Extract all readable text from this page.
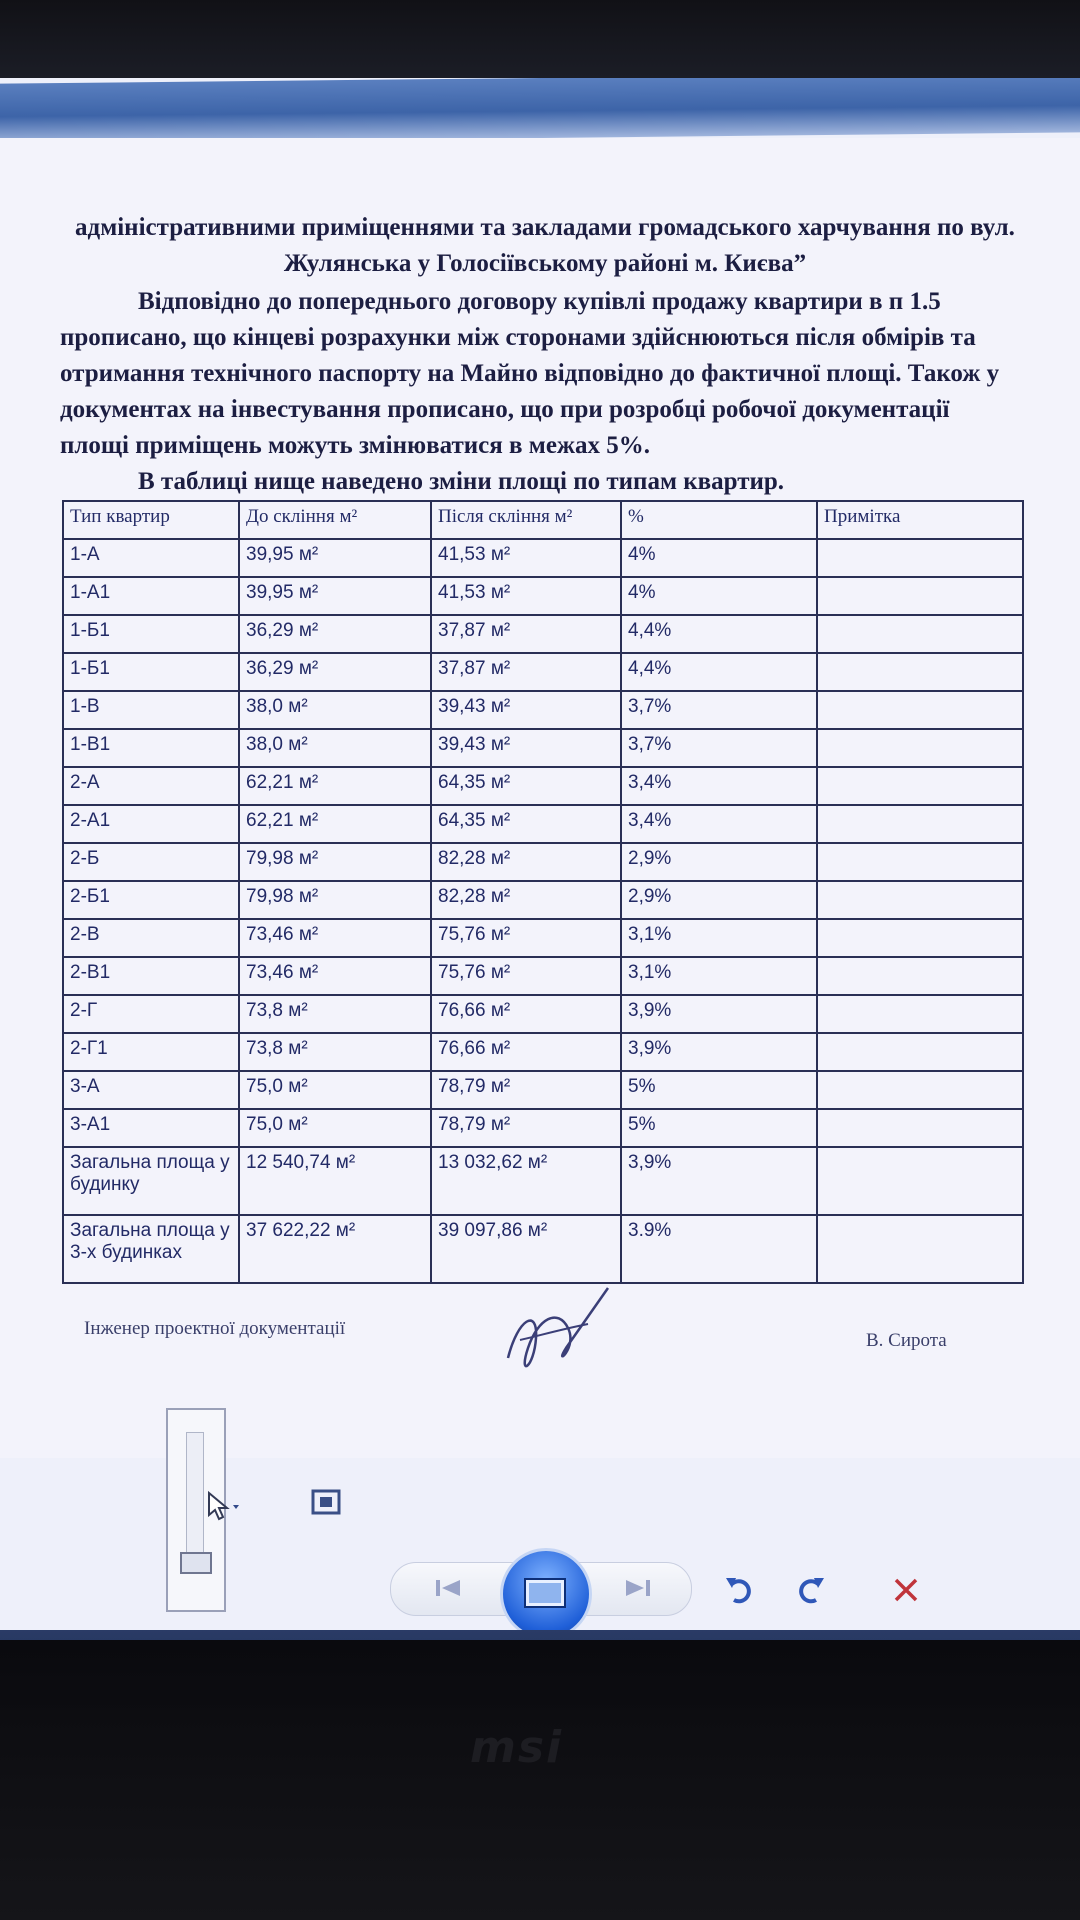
адміністративними приміщеннями та закладами громадського харчування по вул.
Жулянська у Голосіївському районі м. Києва”
Відповідно до попереднього договору купівлі продажу квартири в п 1.5
прописано, що кінцеві розрахунки між сторонами здійснюються після обмірів та
отримання технічного паспорту на Майно відповідно до фактичної площі. Також у
документах на інвестування прописано, що при розробці робочої документації
площі приміщень можуть змінюватися в межах 5%.
В таблиці нище наведено зміни площі по типам квартир.
Тип квартир	До скління м²	Після скління м²	%	Примітка
1-А	39,95 м²	41,53 м²	4%	
1-А1	39,95 м²	41,53 м²	4%	
1-Б1	36,29 м²	37,87 м²	4,4%	
1-Б1	36,29 м²	37,87 м²	4,4%	
1-В	38,0 м²	39,43 м²	3,7%	
1-В1	38,0 м²	39,43 м²	3,7%	
2-А	62,21 м²	64,35 м²	3,4%	
2-А1	62,21 м²	64,35 м²	3,4%	
2-Б	79,98 м²	82,28 м²	2,9%	
2-Б1	79,98 м²	82,28 м²	2,9%	
2-В	73,46 м²	75,76 м²	3,1%	
2-В1	73,46 м²	75,76 м²	3,1%	
2-Г	73,8 м²	76,66 м²	3,9%	
2-Г1	73,8 м²	76,66 м²	3,9%	
3-А	75,0 м²	78,79 м²	5%	
3-А1	75,0 м²	78,79 м²	5%	
Загальна площа у будинку	12 540,74 м²	13 032,62 м²	3,9%	
Загальна площа у 3-х будинках	37 622,22 м²	39 097,86 м²	3.9%	
Інженер проектної документації
В. Сирота
msi
